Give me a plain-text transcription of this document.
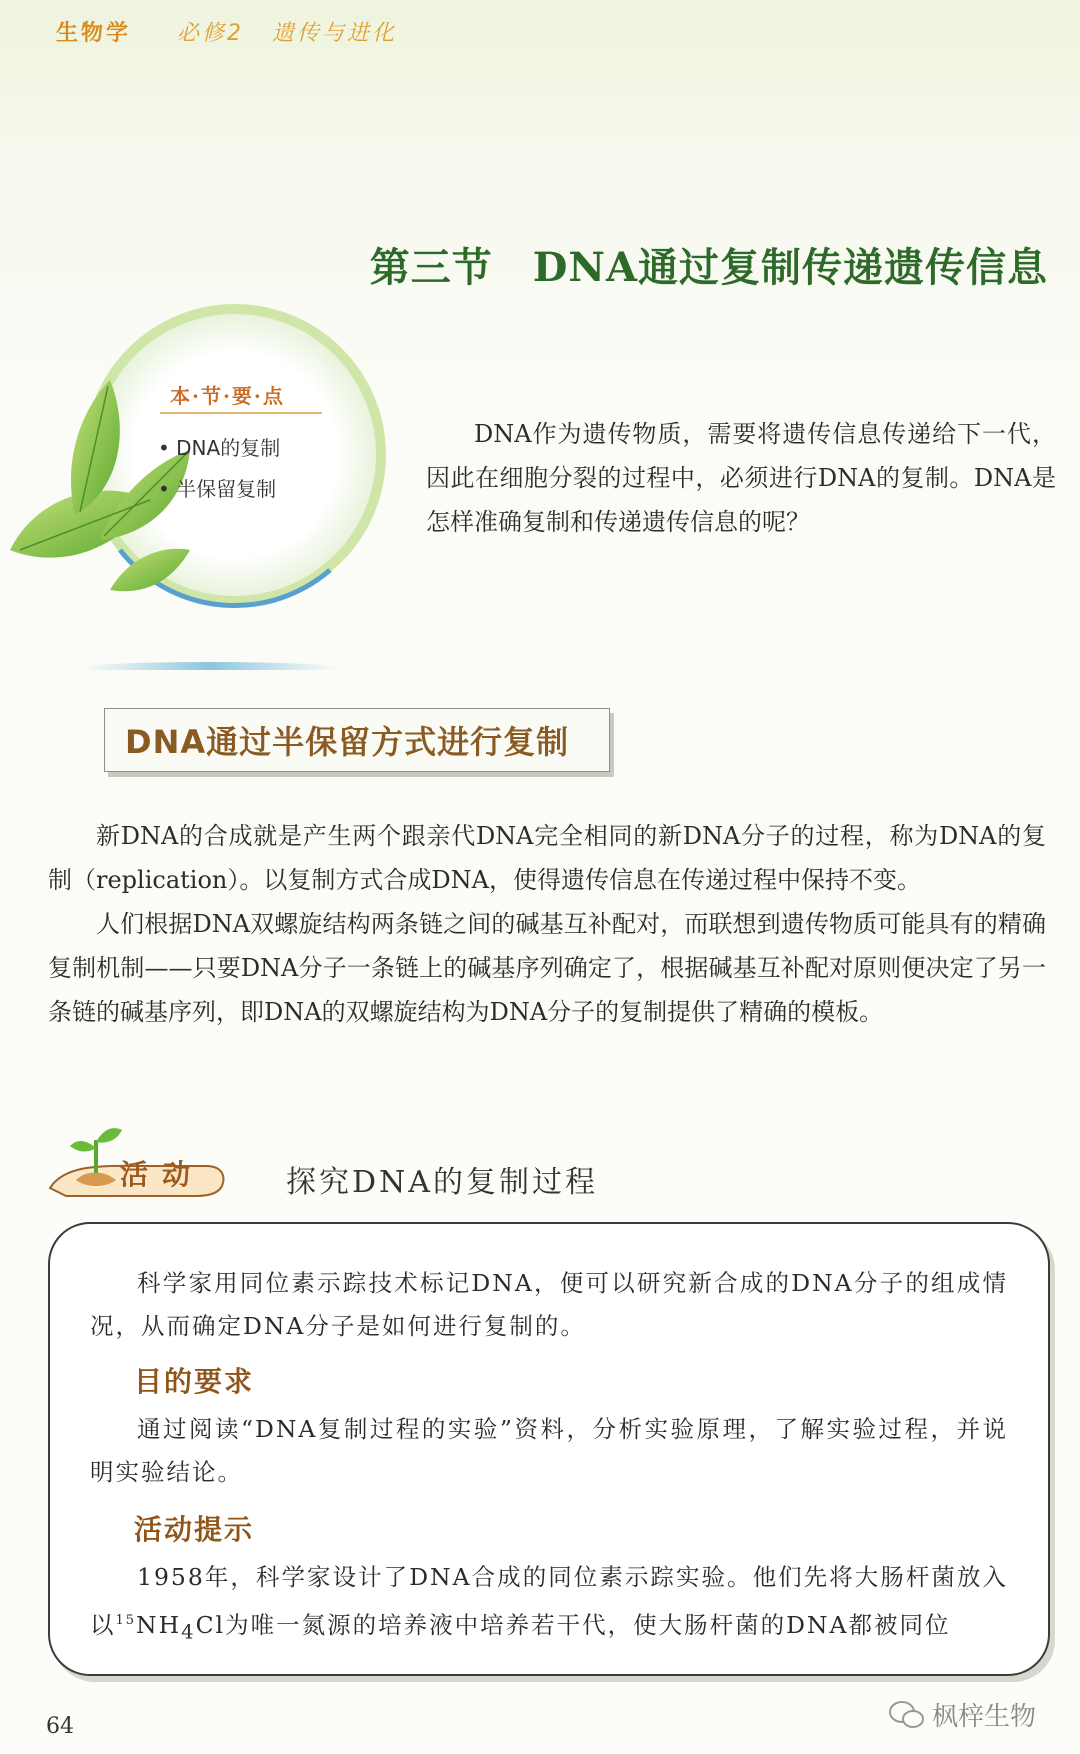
生物学 必修2 遗传与进化
第三节 DNA通过复制传递遗传信息
本·节·要·点
• DNA的复制
• 半保留复制

DNA作为遗传物质，需要将遗传信息传递给下一代，因此在细胞分裂的过程中，必须进行DNA的复制。DNA是怎样准确复制和传递遗传信息的呢？

DNA通过半保留方式进行复制

新DNA的合成就是产生两个跟亲代DNA完全相同的新DNA分子的过程，称为DNA的复制（replication）。以复制方式合成DNA，使得遗传信息在传递过程中保持不变。

人们根据DNA双螺旋结构两条链之间的碱基互补配对，而联想到遗传物质可能具有的精确复制机制——只要DNA分子一条链上的碱基序列确定了，根据碱基互补配对原则便决定了另一条链的碱基序列，即DNA的双螺旋结构为DNA分子的复制提供了精确的模板。

活动	探究DNA的复制过程

科学家用同位素示踪技术标记DNA，便可以研究新合成的DNA分子的组成情况，从而确定DNA分子是如何进行复制的。

目的要求

通过阅读“DNA复制过程的实验”资料，分析实验原理，了解实验过程，并说明实验结论。

活动提示

1958年，科学家设计了DNA合成的同位素示踪实验。他们先将大肠杆菌放入以$^{15}NH_4Cl$为唯一氮源的培养液中培养若干代，使大肠杆菌的DNA都被同位

64	枫梓生物
